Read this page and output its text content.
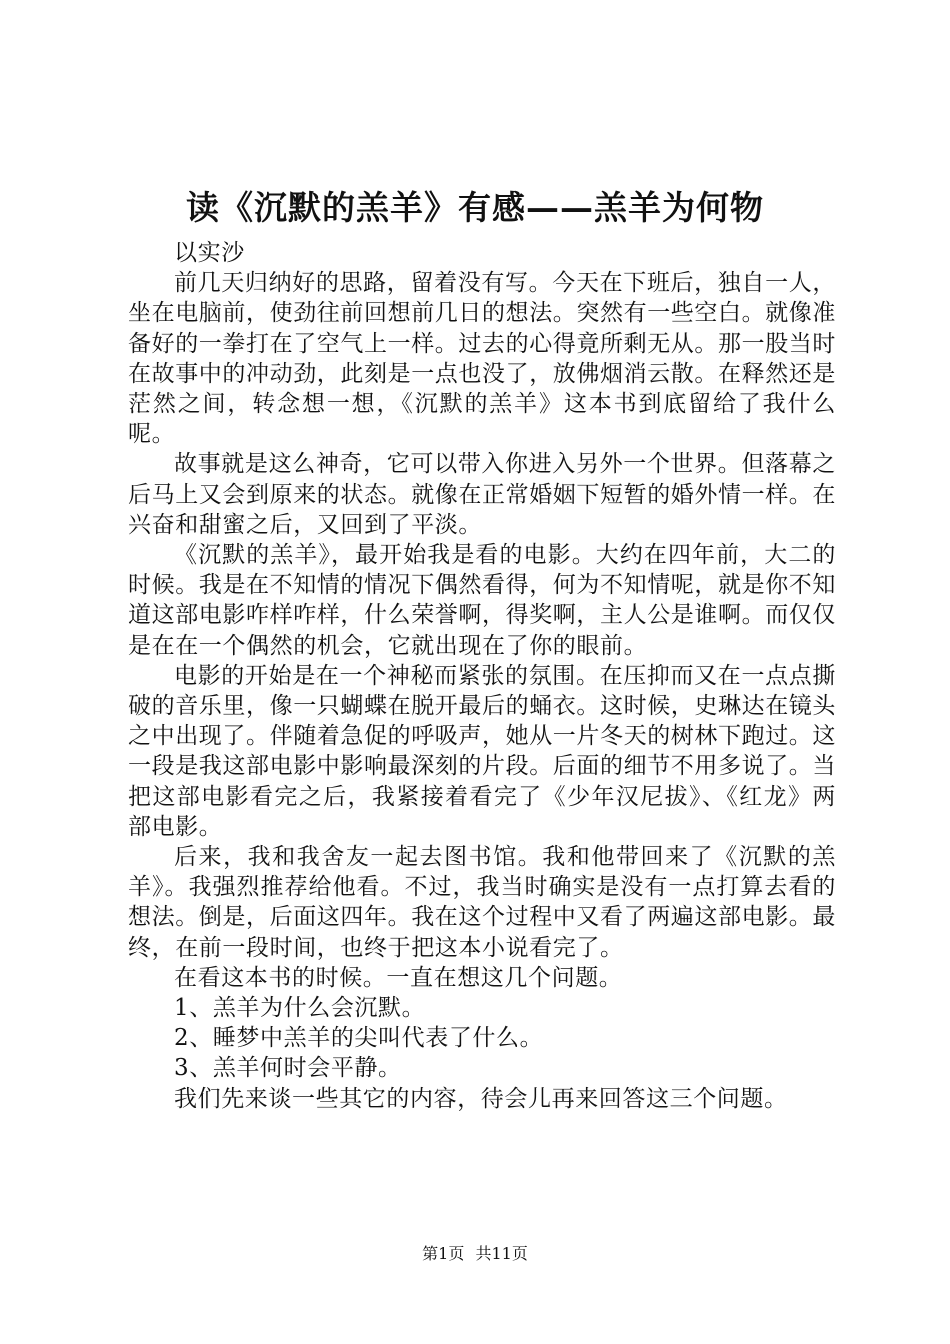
读《沉默的羔羊》有感——羔羊为何物

以实沙

前几天归纳好的思路，留着没有写。今天在下班后，独自一人，坐在电脑前，使劲往前回想前几日的想法。突然有一些空白。就像准备好的一拳打在了空气上一样。过去的心得竟所剩无从。那一股当时在故事中的冲动劲，此刻是一点也没了，放佛烟消云散。在释然还是茫然之间，转念想一想，《沉默的羔羊》这本书到底留给了我什么呢。

故事就是这么神奇，它可以带入你进入另外一个世界。但落幕之后马上又会到原来的状态。就像在正常婚姻下短暂的婚外情一样。在兴奋和甜蜜之后，又回到了平淡。

《沉默的羔羊》，最开始我是看的电影。大约在四年前，大二的时候。我是在不知情的情况下偶然看得，何为不知情呢，就是你不知道这部电影咋样咋样，什么荣誉啊，得奖啊，主人公是谁啊。而仅仅是在在一个偶然的机会，它就出现在了你的眼前。

电影的开始是在一个神秘而紧张的氛围。在压抑而又在一点点撕破的音乐里，像一只蝴蝶在脱开最后的蛹衣。这时候，史琳达在镜头之中出现了。伴随着急促的呼吸声，她从一片冬天的树林下跑过。这一段是我这部电影中影响最深刻的片段。后面的细节不用多说了。当把这部电影看完之后，我紧接着看完了《少年汉尼拔》、《红龙》两部电影。

后来，我和我舍友一起去图书馆。我和他带回来了《沉默的羔羊》。我强烈推荐给他看。不过，我当时确实是没有一点打算去看的想法。倒是，后面这四年。我在这个过程中又看了两遍这部电影。最终，在前一段时间，也终于把这本小说看完了。

在看这本书的时候。一直在想这几个问题。

1、羔羊为什么会沉默。

2、睡梦中羔羊的尖叫代表了什么。

3、羔羊何时会平静。

我们先来谈一些其它的内容，待会儿再来回答这三个问题。

第1页 共11页
